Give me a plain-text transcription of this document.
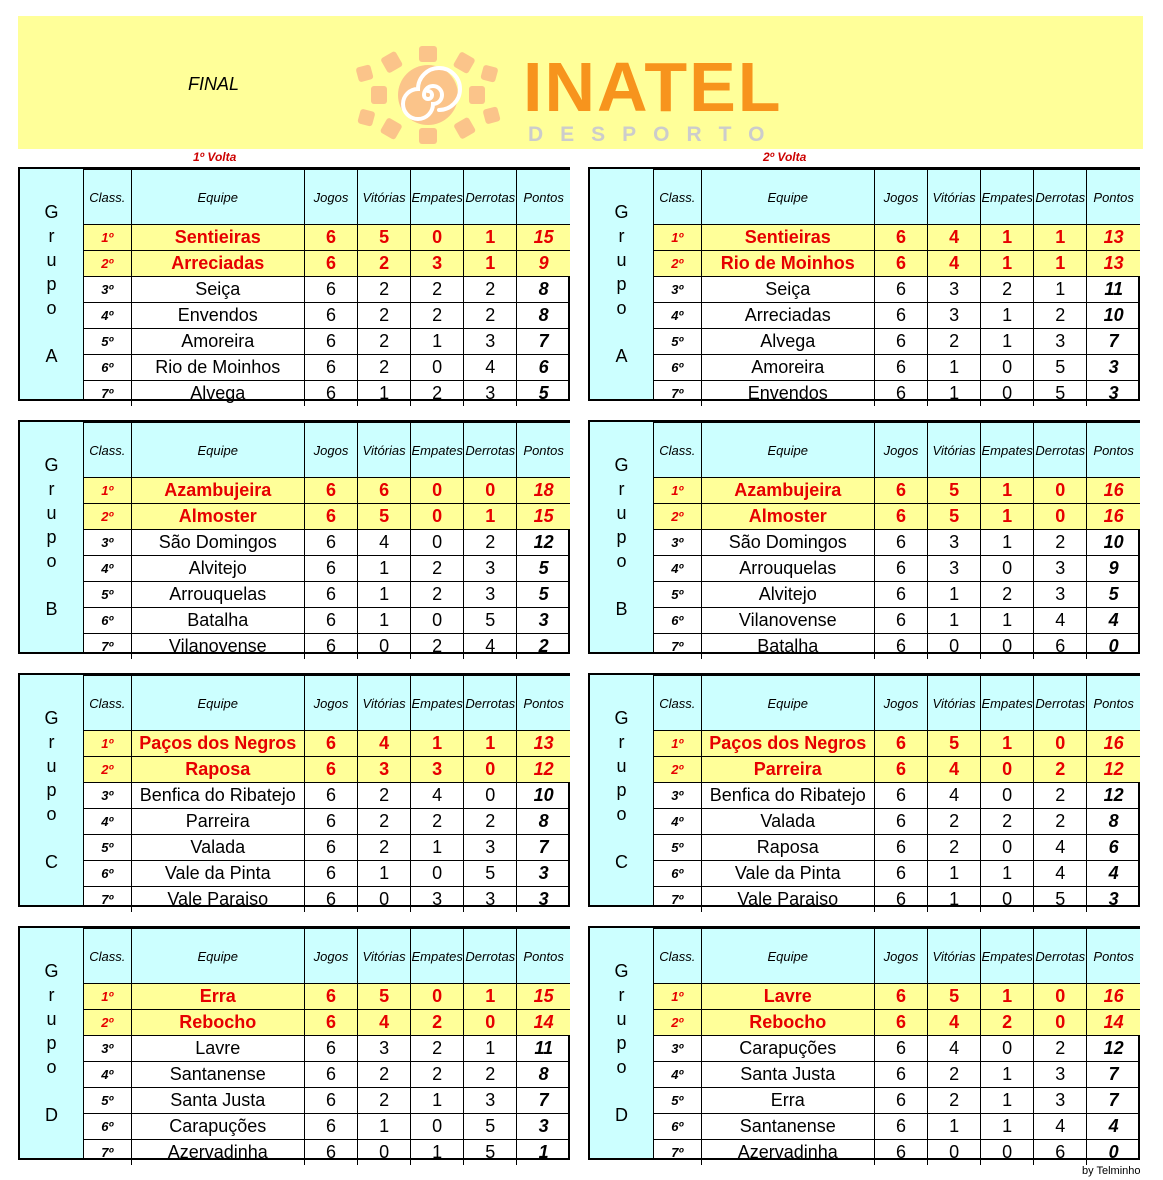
FINAL	INATEL
DESPORTO
1º Volta	2º Volta
G
r
u
p
o

A
Class.	Equipe	Jogos	Vitórias	Empates	Derrotas	Pontos
1º	Sentieiras	6	5	0	1	15
2º	Arreciadas	6	2	3	1	9
3º	Seiça	6	2	2	2	8
4º	Envendos	6	2	2	2	8
5º	Amoreira	6	2	1	3	7
6º	Rio de Moinhos	6	2	0	4	6
7º	Alvega	6	1	2	3	5
G
r
u
p
o

B
Class.	Equipe	Jogos	Vitórias	Empates	Derrotas	Pontos
1º	Azambujeira	6	6	0	0	18
2º	Almoster	6	5	0	1	15
3º	São Domingos	6	4	0	2	12
4º	Alvitejo	6	1	2	3	5
5º	Arrouquelas	6	1	2	3	5
6º	Batalha	6	1	0	5	3
7º	Vilanovense	6	0	2	4	2
G
r
u
p
o

C
Class.	Equipe	Jogos	Vitórias	Empates	Derrotas	Pontos
1º	Paços dos Negros	6	4	1	1	13
2º	Raposa	6	3	3	0	12
3º	Benfica do Ribatejo	6	2	4	0	10
4º	Parreira	6	2	2	2	8
5º	Valada	6	2	1	3	7
6º	Vale da Pinta	6	1	0	5	3
7º	Vale Paraiso	6	0	3	3	3
G
r
u
p
o

D
Class.	Equipe	Jogos	Vitórias	Empates	Derrotas	Pontos
1º	Erra	6	5	0	1	15
2º	Rebocho	6	4	2	0	14
3º	Lavre	6	3	2	1	11
4º	Santanense	6	2	2	2	8
5º	Santa Justa	6	2	1	3	7
6º	Carapuções	6	1	0	5	3
7º	Azervadinha	6	0	1	5	1
G
r
u
p
o

A
Class.	Equipe	Jogos	Vitórias	Empates	Derrotas	Pontos
1º	Sentieiras	6	4	1	1	13
2º	Rio de Moinhos	6	4	1	1	13
3º	Seiça	6	3	2	1	11
4º	Arreciadas	6	3	1	2	10
5º	Alvega	6	2	1	3	7
6º	Amoreira	6	1	0	5	3
7º	Envendos	6	1	0	5	3
G
r
u
p
o

B
Class.	Equipe	Jogos	Vitórias	Empates	Derrotas	Pontos
1º	Azambujeira	6	5	1	0	16
2º	Almoster	6	5	1	0	16
3º	São Domingos	6	3	1	2	10
4º	Arrouquelas	6	3	0	3	9
5º	Alvitejo	6	1	2	3	5
6º	Vilanovense	6	1	1	4	4
7º	Batalha	6	0	0	6	0
G
r
u
p
o

C
Class.	Equipe	Jogos	Vitórias	Empates	Derrotas	Pontos
1º	Paços dos Negros	6	5	1	0	16
2º	Parreira	6	4	0	2	12
3º	Benfica do Ribatejo	6	4	0	2	12
4º	Valada	6	2	2	2	8
5º	Raposa	6	2	0	4	6
6º	Vale da Pinta	6	1	1	4	4
7º	Vale Paraiso	6	1	0	5	3
G
r
u
p
o

D
Class.	Equipe	Jogos	Vitórias	Empates	Derrotas	Pontos
1º	Lavre	6	5	1	0	16
2º	Rebocho	6	4	2	0	14
3º	Carapuções	6	4	0	2	12
4º	Santa Justa	6	2	1	3	7
5º	Erra	6	2	1	3	7
6º	Santanense	6	1	1	4	4
7º	Azervadinha	6	0	0	6	0
by Telminho
